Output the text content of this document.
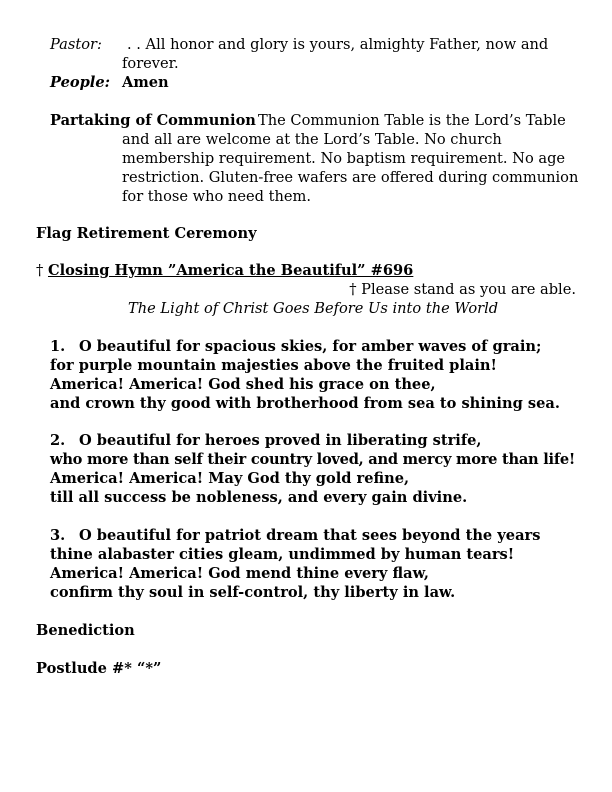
Pastor: . . All honor and glory is yours, almighty Father, now and
forever.
People: Amen
Partaking of Communion The Communion Table is the Lord’s Table
and all are welcome at the Lord’s Table. No church
membership requirement. No baptism requirement. No age
restriction. Gluten-free wafers are offered during communion
for those who need them.
Flag Retirement Ceremony
† Closing Hymn ”America the Beautiful” #696
† Please stand as you are able.
The Light of Christ Goes Before Us into the World
1. O beautiful for spacious skies, for amber waves of grain;
for purple mountain majesties above the fruited plain!
America! America! God shed his grace on thee,
and crown thy good with brotherhood from sea to shining sea.
2. O beautiful for heroes proved in liberating strife,
who more than self their country loved, and mercy more than life!
America! America! May God thy gold refine,
till all success be nobleness, and every gain divine.
3. O beautiful for patriot dream that sees beyond the years
thine alabaster cities gleam, undimmed by human tears!
America! America! God mend thine every flaw,
confirm thy soul in self-control, thy liberty in law.
Benediction
Postlude #* “*”
